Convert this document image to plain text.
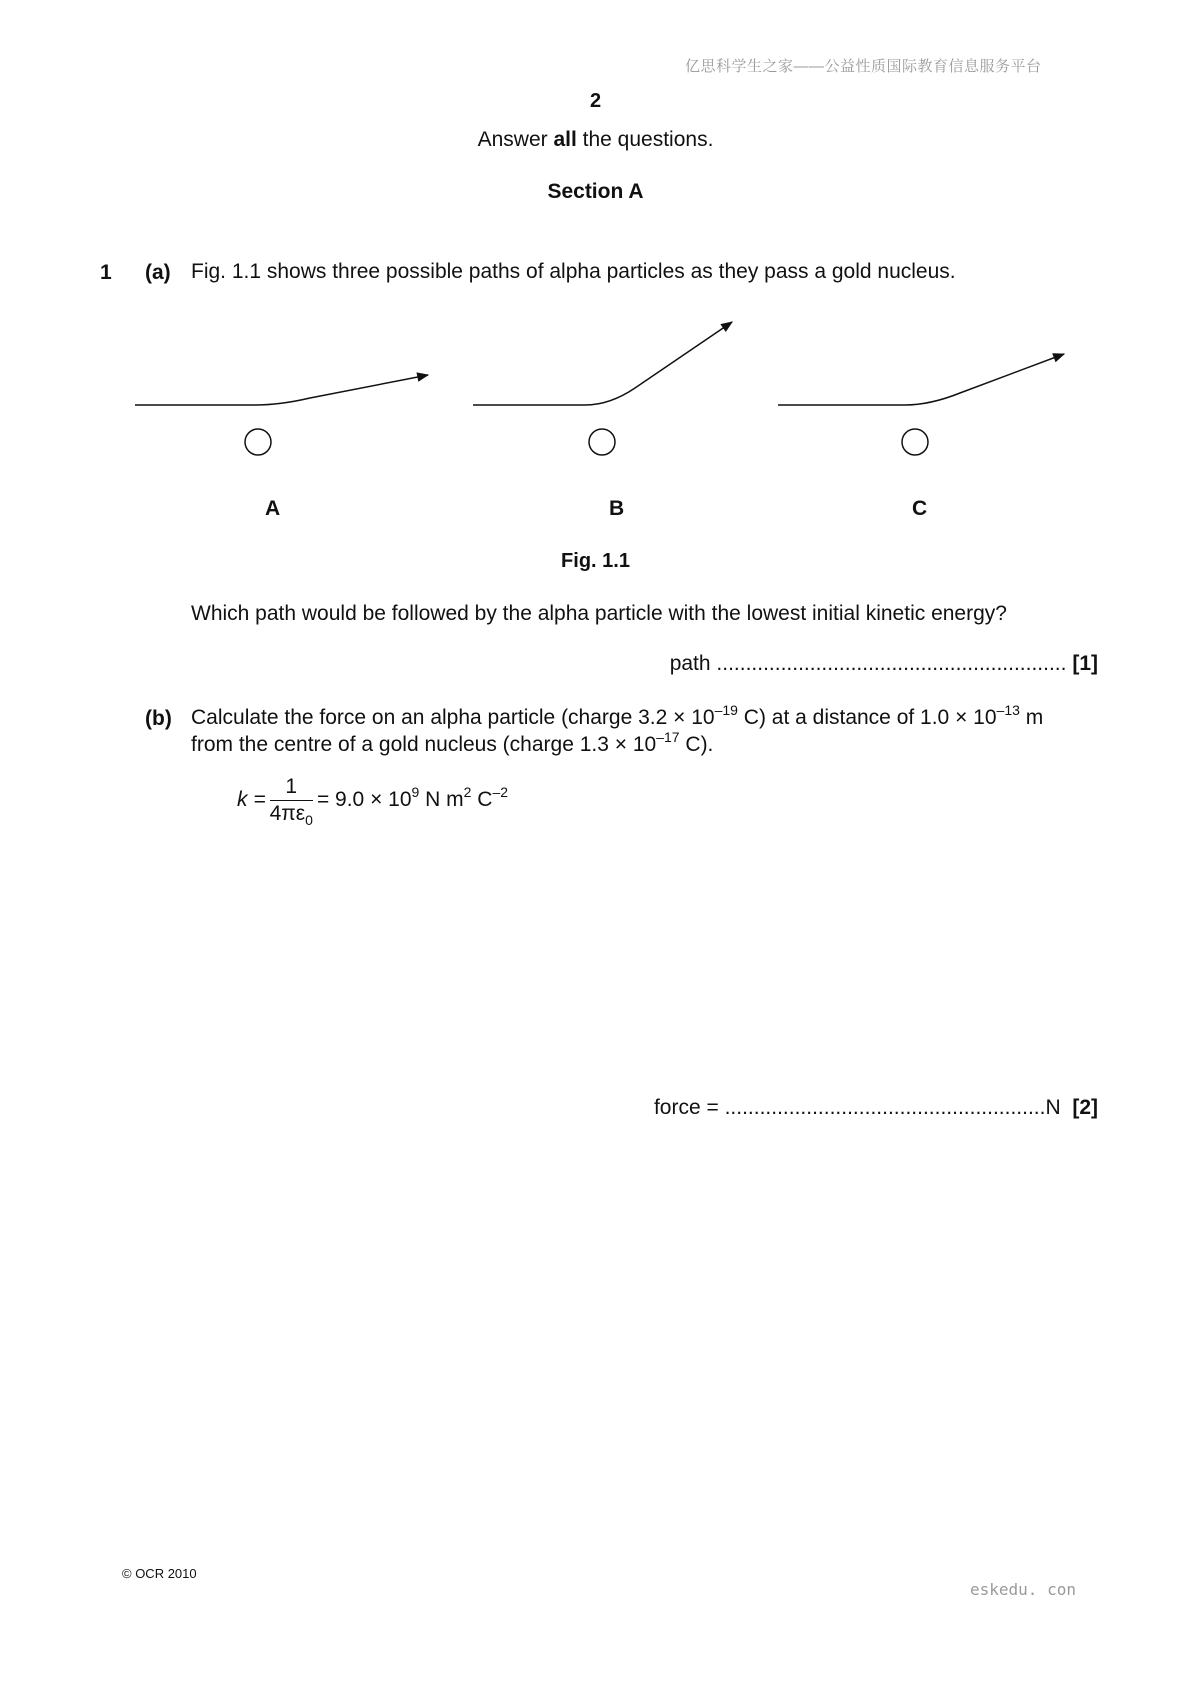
亿思科学生之家——公益性质国际教育信息服务平台
2
Answer all the questions.
Section A
1 (a) Fig. 1.1 shows three possible paths of alpha particles as they pass a gold nucleus.
A	B	C
Fig. 1.1
Which path would be followed by the alpha particle with the lowest initial kinetic energy?
path ............................................................ [1]
(b) Calculate the force on an alpha particle (charge $3.2 \times 10^{-19}$ C) at a distance of $1.0 \times 10^{-13}$ m
from the centre of a gold nucleus (charge $1.3 \times 10^{-17}$ C).
$k = \frac{1}{4\pi\varepsilon_0} = 9.0 \times 10^9$ N $m^2$ $C^{-2}$
force = .......................................................N [2]
© OCR 2010
eskedu. con
